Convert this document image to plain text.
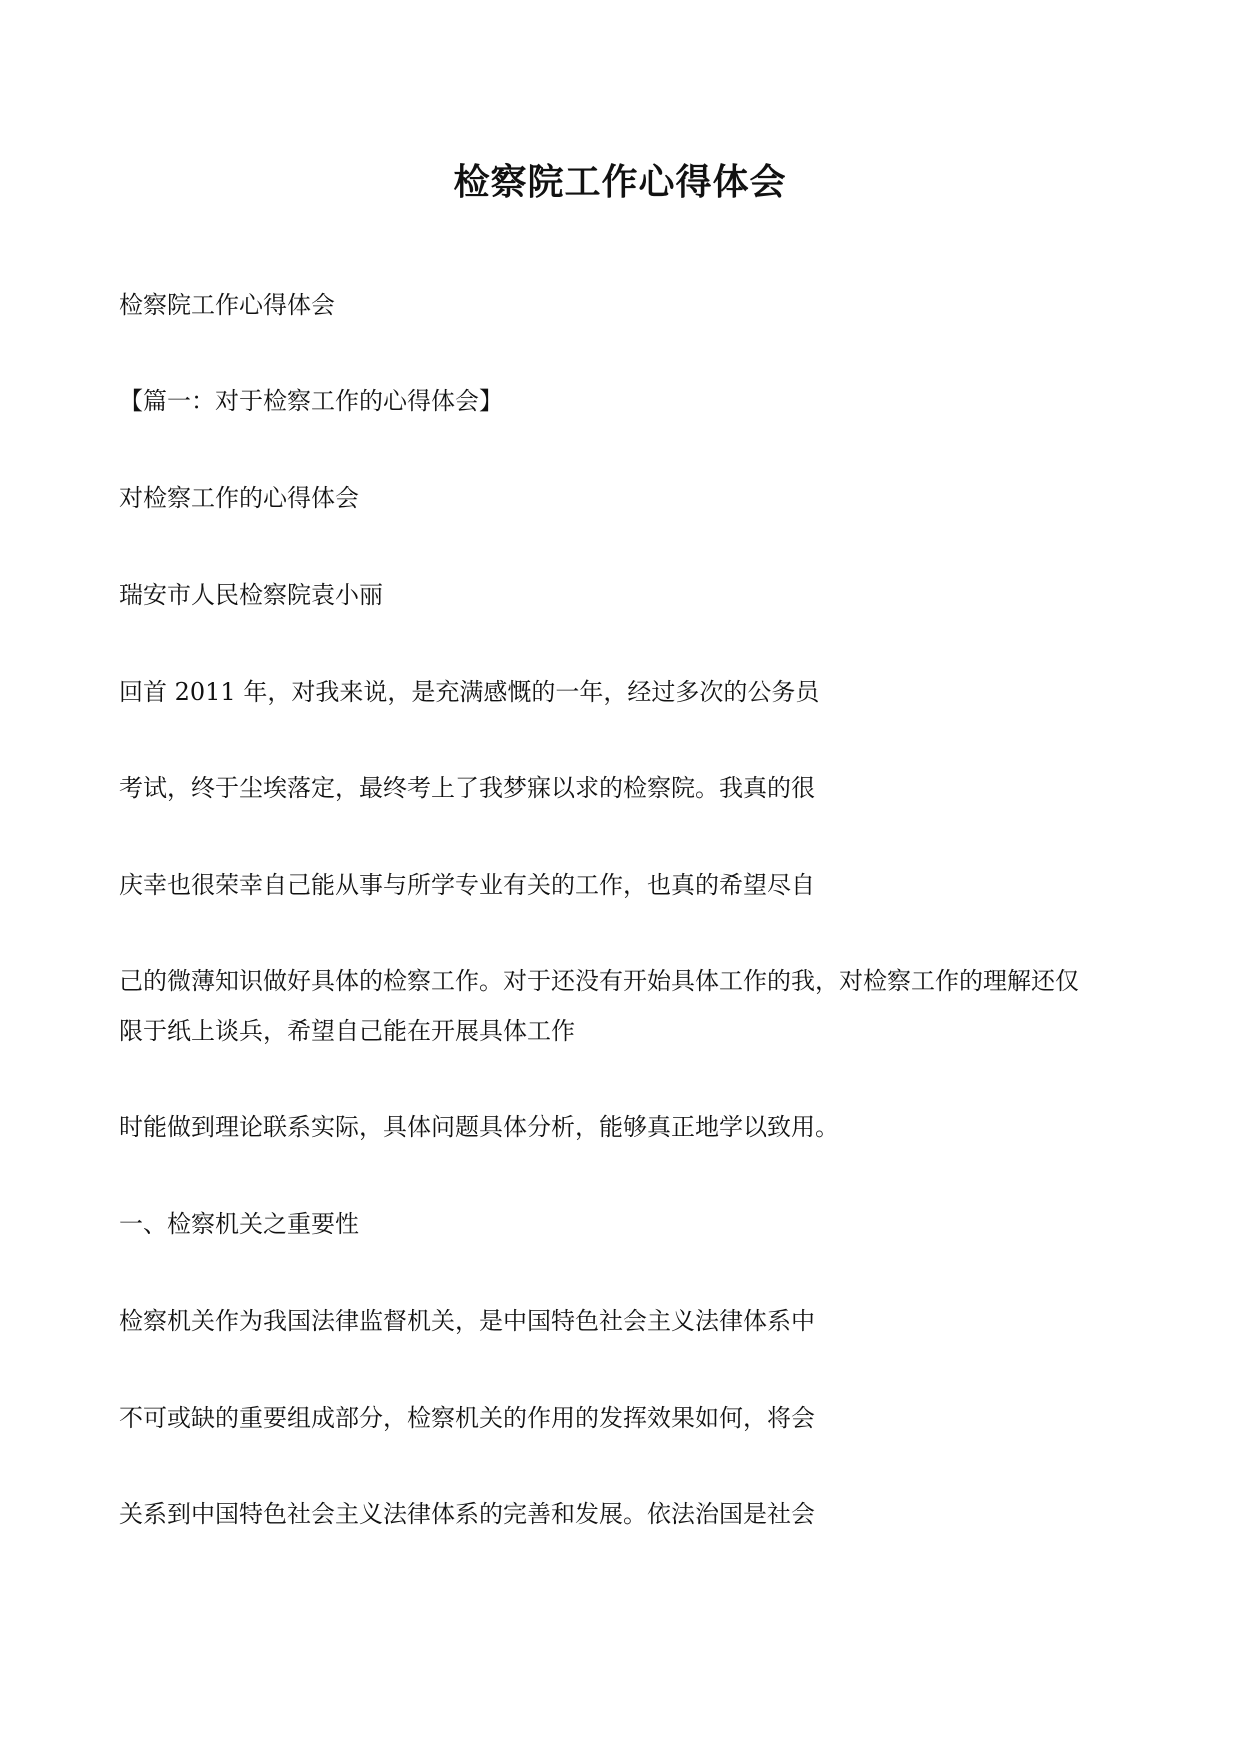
检察院工作心得体会
检察院工作心得体会
【篇一：对于检察工作的心得体会】
对检察工作的心得体会
瑞安市人民检察院袁小丽
回首 2011 年，对我来说，是充满感慨的一年，经过多次的公务员
考试，终于尘埃落定，最终考上了我梦寐以求的检察院。我真的很
庆幸也很荣幸自己能从事与所学专业有关的工作，也真的希望尽自
己的微薄知识做好具体的检察工作。对于还没有开始具体工作的我，对检察工作的理解还仅
限于纸上谈兵，希望自己能在开展具体工作
时能做到理论联系实际，具体问题具体分析，能够真正地学以致用。
一、检察机关之重要性
检察机关作为我国法律监督机关，是中国特色社会主义法律体系中
不可或缺的重要组成部分，检察机关的作用的发挥效果如何，将会
关系到中国特色社会主义法律体系的完善和发展。依法治国是社会
